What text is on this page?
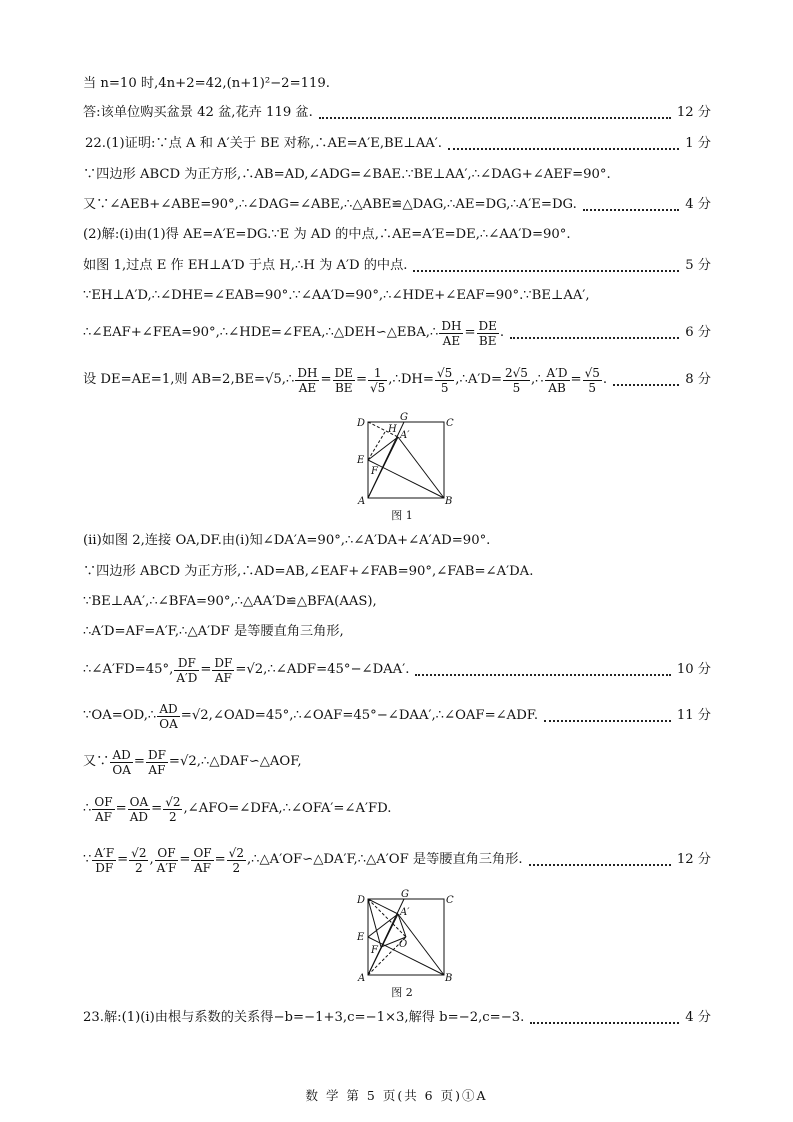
当 n=10 时,4n+2=42,(n+1)²−2=119.
答:该单位购买盆景 42 盆,花卉 119 盆.	12 分
22.(1)证明:∵点 A 和 A′关于 BE 对称,∴AE=A′E,BE⊥AA′.	1 分
∵四边形 ABCD 为正方形,∴AB=AD,∠ADG=∠BAE.∵BE⊥AA′,∴∠DAG+∠AEF=90°.
又∵∠AEB+∠ABE=90°,∴∠DAG=∠ABE,∴△ABE≌△DAG,∴AE=DG,∴A′E=DG.	4 分
(2)解:(ⅰ)由(1)得 AE=A′E=DG.∵E 为 AD 的中点,∴AE=A′E=DE,∴∠AA′D=90°.
如图 1,过点 E 作 EH⊥A′D 于点 H,∴H 为 A′D 的中点.	5 分
∵EH⊥A′D,∴∠DHE=∠EAB=90°.∵∠AA′D=90°,∴∠HDE+∠EAF=90°.∵BE⊥AA′,
∴∠EAF+∠FEA=90°,∴∠HDE=∠FEA,∴△DEH∽△EBA,∴ $\frac{DH}{AE} = \frac{DE}{BE}$ .	6 分
设 DE=AE=1,则 AB=2,BE=√5,∴ $\frac{DH}{AE} = \frac{DE}{BE} = \frac{1}{√5}$ ,∴DH= $\frac{√5}{5}$ ,∴A′D= $\frac{2√5}{5}$ ,∴ $\frac{A'D}{AB} = \frac{√5}{5}$ .	8 分
D	C
G
H
A′
E
F
A	B
图 1
(ⅱ)如图 2,连接 OA,DF.由(ⅰ)知∠DA′A=90°,∴∠A′DA+∠A′AD=90°.
∵四边形 ABCD 为正方形,∴AD=AB,∠EAF+∠FAB=90°,∠FAB=∠A′DA.
∵BE⊥AA′,∴∠BFA=90°,∴△AA′D≌△BFA(AAS),
∴A′D=AF=A′F,∴△A′DF 是等腰直角三角形,
∴∠A′FD=45°, $\frac{DF}{A'D} = \frac{DF}{AF}$ =√2,∴∠ADF=45°−∠DAA′.	10 分
∵OA=OD,∴ $\frac{AD}{OA}$ =√2,∠OAD=45°,∴∠OAF=45°−∠DAA′,∴∠OAF=∠ADF.	11 分
又∵ $\frac{AD}{OA} = \frac{DF}{AF}$ =√2,∴△DAF∽△AOF,
∴ $\frac{OF}{AF} = \frac{OA}{AD} = \frac{√2}{2}$ ,∠AFO=∠DFA,∴∠OFA′=∠A′FD.
∵ $\frac{A'F}{DF} = \frac{√2}{2}$ , $\frac{OF}{A'F} = \frac{OF}{AF} = \frac{√2}{2}$ ,∴△A′OF∽△DA′F,∴△A′OF 是等腰直角三角形.	12 分
D	C
G
A′
E
F
O
A	B
图 2
23.解:(1)(ⅰ)由根与系数的关系得−b=−1+3,c=−1×3,解得 b=−2,c=−3.	4 分
数 学 第 5 页(共 6 页)①A
